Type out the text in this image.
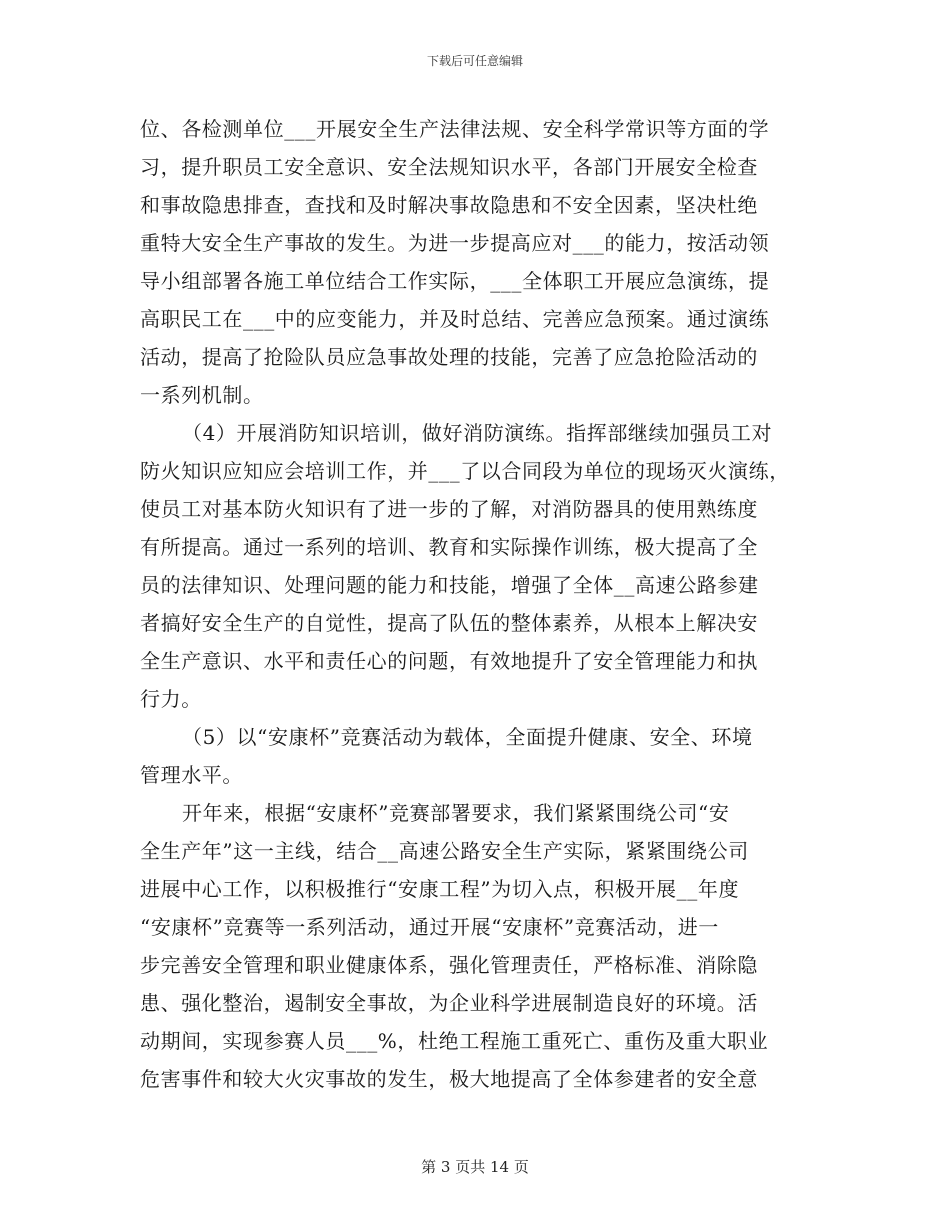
下载后可任意编辑
位、各检测单位___开展安全生产法律法规、安全科学常识等方面的学
习，提升职员工安全意识、安全法规知识水平，各部门开展安全检查
和事故隐患排查，查找和及时解决事故隐患和不安全因素，坚决杜绝
重特大安全生产事故的发生。为进一步提高应对___的能力，按活动领
导小组部署各施工单位结合工作实际，___全体职工开展应急演练，提
高职民工在___中的应变能力，并及时总结、完善应急预案。通过演练
活动，提高了抢险队员应急事故处理的技能，完善了应急抢险活动的
一系列机制。
（4）开展消防知识培训，做好消防演练。指挥部继续加强员工对
防火知识应知应会培训工作，并___了以合同段为单位的现场灭火演练，
使员工对基本防火知识有了进一步的了解，对消防器具的使用熟练度
有所提高。通过一系列的培训、教育和实际操作训练，极大提高了全
员的法律知识、处理问题的能力和技能，增强了全体__高速公路参建
者搞好安全生产的自觉性，提高了队伍的整体素养，从根本上解决安
全生产意识、水平和责任心的问题，有效地提升了安全管理能力和执
行力。
（5）以“安康杯”竞赛活动为载体，全面提升健康、安全、环境
管理水平。
开年来，根据“安康杯”竞赛部署要求，我们紧紧围绕公司“安
全生产年”这一主线，结合__高速公路安全生产实际，紧紧围绕公司
进展中心工作，以积极推行“安康工程”为切入点，积极开展__年度
“安康杯”竞赛等一系列活动，通过开展“安康杯”竞赛活动，进一
步完善安全管理和职业健康体系，强化管理责任，严格标准、消除隐
患、强化整治，遏制安全事故，为企业科学进展制造良好的环境。活
动期间，实现参赛人员___%，杜绝工程施工重死亡、重伤及重大职业
危害事件和较大火灾事故的发生，极大地提高了全体参建者的安全意
第 3 页共 14 页
